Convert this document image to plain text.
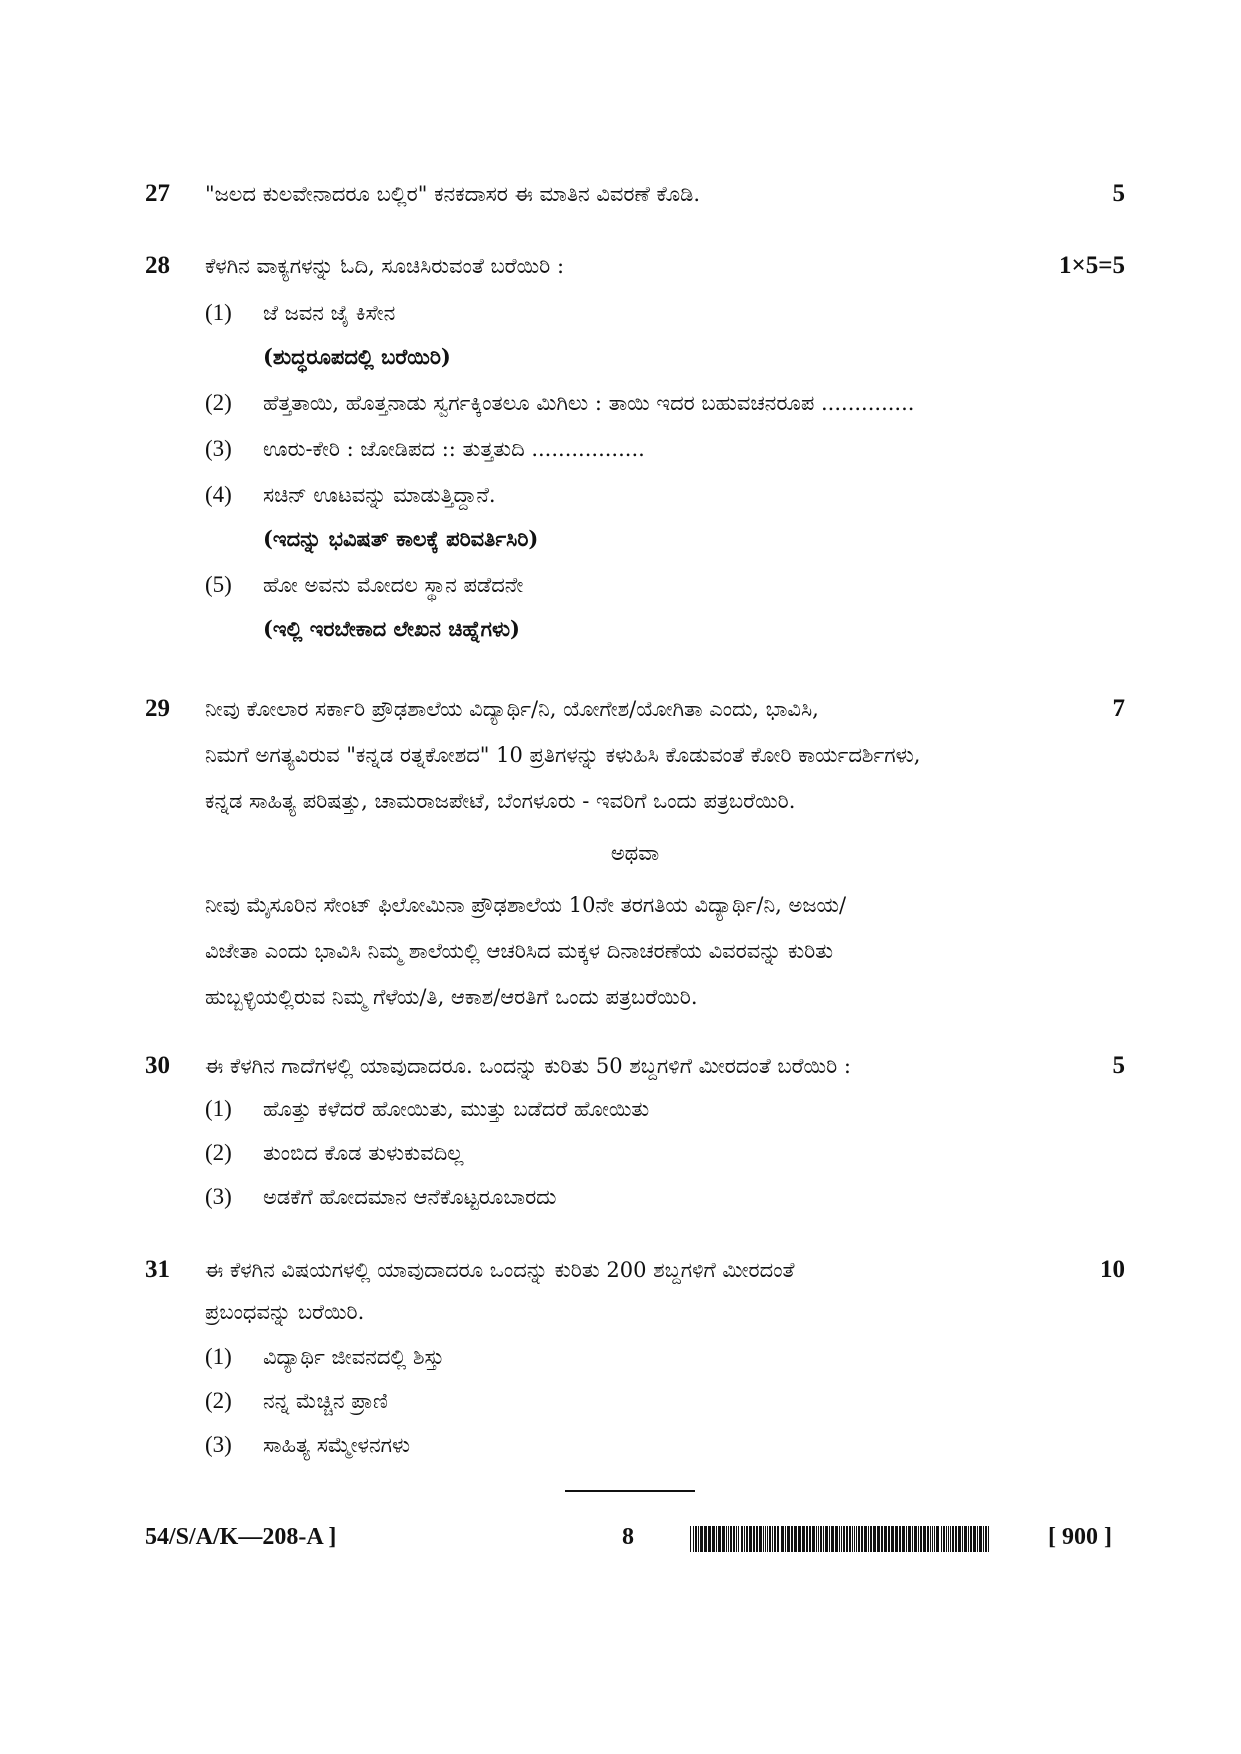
27 "ಜಲದ ಕುಲವೇನಾದರೂ ಬಲ್ಲಿರ" ಕನಕದಾಸರ ಈ ಮಾತಿನ ವಿವರಣೆ ಕೊಡಿ.	5
28 ಕೆಳಗಿನ ವಾಕ್ಯಗಳನ್ನು ಓದಿ, ಸೂಚಿಸಿರುವಂತೆ ಬರೆಯಿರಿ :	1×5=5
(1) ಜೆ ಜವನ ಜೈ ಕಿಸೇನ
(ಶುದ್ಧರೂಪದಲ್ಲಿ ಬರೆಯಿರಿ)
(2) ಹೆತ್ತತಾಯಿ, ಹೊತ್ತನಾಡು ಸ್ವರ್ಗಕ್ಕಿಂತಲೂ ಮಿಗಿಲು : ತಾಯಿ ಇದರ ಬಹುವಚನರೂಪ ..............
(3) ಊರು-ಕೇರಿ : ಜೋಡಿಪದ :: ತುತ್ತತುದಿ .................
(4) ಸಚಿನ್ ಊಟವನ್ನು ಮಾಡುತ್ತಿದ್ದಾನೆ.
(ಇದನ್ನು ಭವಿಷತ್ ಕಾಲಕ್ಕೆ ಪರಿವರ್ತಿಸಿರಿ)
(5) ಹೋ ಅವನು ಮೋದಲ ಸ್ಥಾನ ಪಡೆದನೇ
(ಇಲ್ಲಿ ಇರಬೇಕಾದ ಲೇಖನ ಚಿಹ್ನೆಗಳು)
29	7
ನೀವು ಕೋಲಾರ ಸರ್ಕಾರಿ ಪ್ರೌಢಶಾಲೆಯ ವಿದ್ಯಾರ್ಥಿ/ನಿ, ಯೋಗೇಶ/ಯೋಗಿತಾ ಎಂದು, ಭಾವಿಸಿ,
ನಿಮಗೆ ಅಗತ್ಯವಿರುವ "ಕನ್ನಡ ರತ್ನಕೋಶದ" 10 ಪ್ರತಿಗಳನ್ನು ಕಳುಹಿಸಿ ಕೊಡುವಂತೆ ಕೋರಿ ಕಾರ್ಯದರ್ಶಿಗಳು,
ಕನ್ನಡ ಸಾಹಿತ್ಯ ಪರಿಷತ್ತು, ಚಾಮರಾಜಪೇಟೆ, ಬೆಂಗಳೂರು - ಇವರಿಗೆ ಒಂದು ಪತ್ರಬರೆಯಿರಿ.
ಅಥವಾ
ನೀವು ಮೈಸೂರಿನ ಸೇಂಟ್ ಫಿಲೋಮಿನಾ ಪ್ರೌಢಶಾಲೆಯ 10ನೇ ತರಗತಿಯ ವಿದ್ಯಾರ್ಥಿ/ನಿ, ಅಜಯ/
ವಿಜೇತಾ ಎಂದು ಭಾವಿಸಿ ನಿಮ್ಮ ಶಾಲೆಯಲ್ಲಿ ಆಚರಿಸಿದ ಮಕ್ಕಳ ದಿನಾಚರಣೆಯ ವಿವರವನ್ನು ಕುರಿತು
ಹುಬ್ಬಳ್ಳಿಯಲ್ಲಿರುವ ನಿಮ್ಮ ಗೆಳೆಯ/ತಿ, ಆಕಾಶ/ಆರತಿಗೆ ಒಂದು ಪತ್ರಬರೆಯಿರಿ.
30 ಈ ಕೆಳಗಿನ ಗಾದೆಗಳಲ್ಲಿ ಯಾವುದಾದರೂ. ಒಂದನ್ನು ಕುರಿತು 50 ಶಬ್ದಗಳಿಗೆ ಮೀರದಂತೆ ಬರೆಯಿರಿ :	5
(1) ಹೊತ್ತು ಕಳೆದರೆ ಹೋಯಿತು, ಮುತ್ತು ಬಡೆದರೆ ಹೋಯಿತು
(2) ತುಂಬಿದ ಕೊಡ ತುಳುಕುವದಿಲ್ಲ
(3) ಅಡಕೆಗೆ ಹೋದಮಾನ ಆನೆಕೊಟ್ಟರೂಬಾರದು
31	10
ಈ ಕೆಳಗಿನ ವಿಷಯಗಳಲ್ಲಿ ಯಾವುದಾದರೂ ಒಂದನ್ನು ಕುರಿತು 200 ಶಬ್ದಗಳಿಗೆ ಮೀರದಂತೆ
ಪ್ರಬಂಧವನ್ನು ಬರೆಯಿರಿ.
(1) ವಿದ್ಯಾರ್ಥಿ ಜೀವನದಲ್ಲಿ ಶಿಸ್ತು
(2) ನನ್ನ ಮೆಚ್ಚಿನ ಪ್ರಾಣಿ
(3) ಸಾಹಿತ್ಯ ಸಮ್ಮೇಳನಗಳು
54/S/A/K—208-A ]	8	[ 900 ]
